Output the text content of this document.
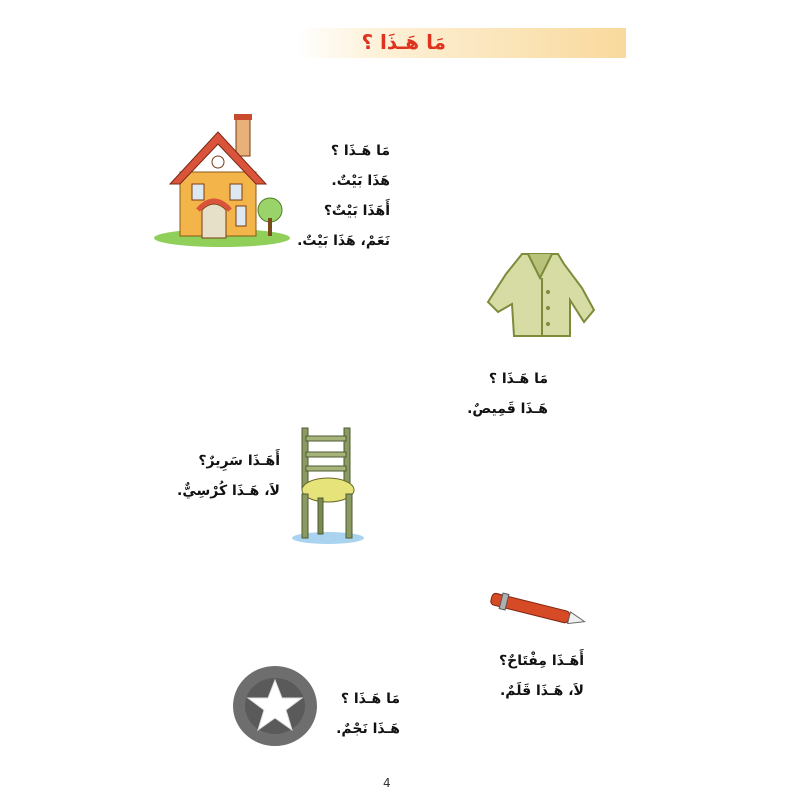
مَا هَـذَا ؟
مَا هَـذَا ؟
هَذَا بَيْتٌ.
أَهَذَا بَيْتٌ؟
نَعَمْ، هَذَا بَيْتٌ.
مَا هَـذَا ؟
هَـذَا قَمِيصٌ.
أَهَـذَا سَرِيرٌ؟
لاَ، هَـذَا كُرْسِيٌّ.
أَهَـذَا مِفْتَاحٌ؟
لاَ، هَـذَا قَلَمٌ.
مَا هَـذَا ؟
هَـذَا نَجْمٌ.
4
